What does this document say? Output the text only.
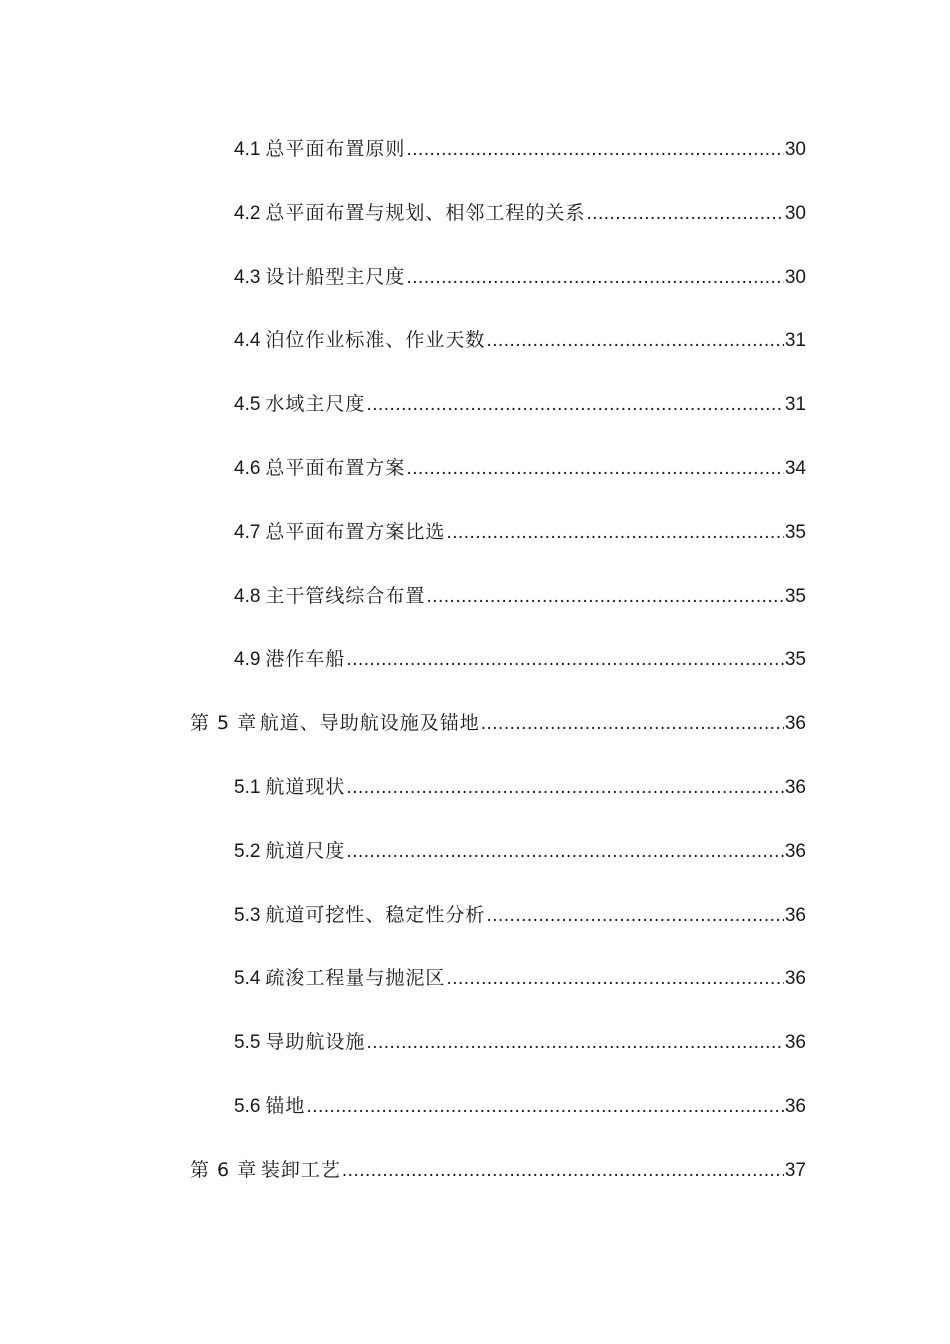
4.1 总平面布置原则 .....	30
4.2 总平面布置与规划、相邻工程的关系 .....	30
4.3 设计船型主尺度 .....	30
4.4 泊位作业标准、作业天数 .....	31
4.5 水域主尺度 .....	31
4.6 总平面布置方案 .....	34
4.7 总平面布置方案比选 .....	35
4.8 主干管线综合布置 .....	35
4.9 港作车船 .....	35
第 5 章 航道、导助航设施及锚地 .....	36
5.1 航道现状 .....	36
5.2 航道尺度 .....	36
5.3 航道可挖性、稳定性分析 .....	36
5.4 疏浚工程量与抛泥区 .....	36
5.5 导助航设施 .....	36
5.6 锚地 .....	36
第 6 章 装卸工艺 .....	37
